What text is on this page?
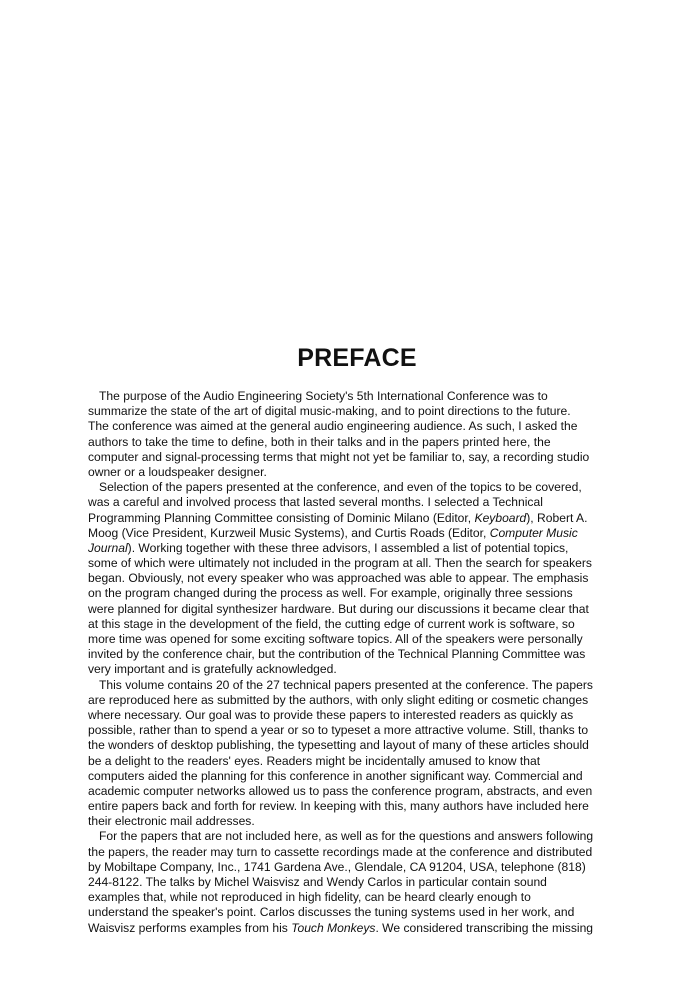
PREFACE
The purpose of the Audio Engineering Society's 5th International Conference was to
summarize the state of the art of digital music-making, and to point directions to the future.
The conference was aimed at the general audio engineering audience. As such, I asked the
authors to take the time to define, both in their talks and in the papers printed here, the
computer and signal-processing terms that might not yet be familiar to, say, a recording studio
owner or a loudspeaker designer.
Selection of the papers presented at the conference, and even of the topics to be covered,
was a careful and involved process that lasted several months. I selected a Technical
Programming Planning Committee consisting of Dominic Milano (Editor, Keyboard), Robert A.
Moog (Vice President, Kurzweil Music Systems), and Curtis Roads (Editor, Computer Music
Journal). Working together with these three advisors, I assembled a list of potential topics,
some of which were ultimately not included in the program at all. Then the search for speakers
began. Obviously, not every speaker who was approached was able to appear. The emphasis
on the program changed during the process as well. For example, originally three sessions
were planned for digital synthesizer hardware. But during our discussions it became clear that
at this stage in the development of the field, the cutting edge of current work is software, so
more time was opened for some exciting software topics. All of the speakers were personally
invited by the conference chair, but the contribution of the Technical Planning Committee was
very important and is gratefully acknowledged.
This volume contains 20 of the 27 technical papers presented at the conference. The papers
are reproduced here as submitted by the authors, with only slight editing or cosmetic changes
where necessary. Our goal was to provide these papers to interested readers as quickly as
possible, rather than to spend a year or so to typeset a more attractive volume. Still, thanks to
the wonders of desktop publishing, the typesetting and layout of many of these articles should
be a delight to the readers' eyes. Readers might be incidentally amused to know that
computers aided the planning for this conference in another significant way. Commercial and
academic computer networks allowed us to pass the conference program, abstracts, and even
entire papers back and forth for review. In keeping with this, many authors have included here
their electronic mail addresses.
For the papers that are not included here, as well as for the questions and answers following
the papers, the reader may turn to cassette recordings made at the conference and distributed
by Mobiltape Company, Inc., 1741 Gardena Ave., Glendale, CA 91204, USA, telephone (818)
244-8122. The talks by Michel Waisvisz and Wendy Carlos in particular contain sound
examples that, while not reproduced in high fidelity, can be heard clearly enough to
understand the speaker's point. Carlos discusses the tuning systems used in her work, and
Waisvisz performs examples from his Touch Monkeys. We considered transcribing the missing
